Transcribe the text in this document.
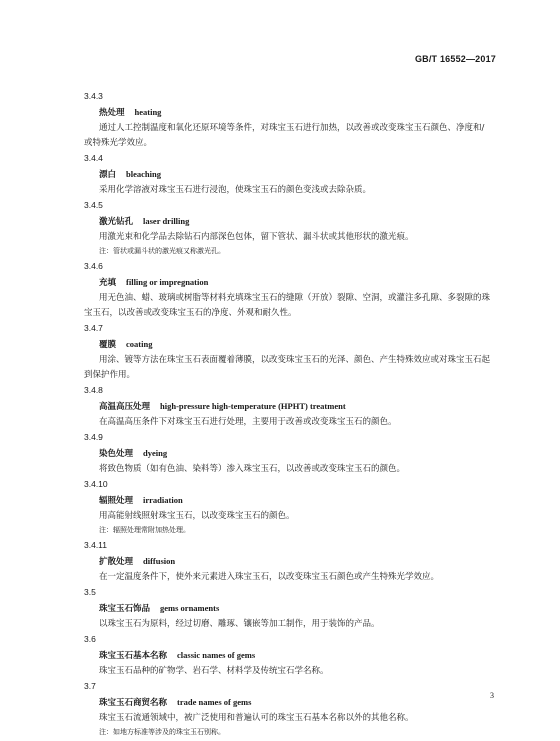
GB/T 16552—2017
3.4.3
热处理 heating
通过人工控制温度和氧化还原环境等条件，对珠宝玉石进行加热，以改善或改变珠宝玉石颜色、净度和/或特殊光学效应。
3.4.4
漂白 bleaching
采用化学溶液对珠宝玉石进行浸泡，使珠宝玉石的颜色变浅或去除杂质。
3.4.5
激光钻孔 laser drilling
用激光束和化学品去除钻石内部深色包体，留下管状、漏斗状或其他形状的激光痕。
注：管状或漏斗状的激光痕又称激光孔。
3.4.6
充填 filling or impregnation
用无色油、蜡、玻璃或树脂等材料充填珠宝玉石的缝隙（开放）裂隙、空洞，或灌注多孔隙、多裂隙的珠宝玉石，以改善或改变珠宝玉石的净度、外观和耐久性。
3.4.7
覆膜 coating
用涂、镀等方法在珠宝玉石表面覆着薄膜，以改变珠宝玉石的光泽、颜色、产生特殊效应或对珠宝玉石起到保护作用。
3.4.8
高温高压处理 high-pressure high-temperature (HPHT) treatment
在高温高压条件下对珠宝玉石进行处理，主要用于改善或改变珠宝玉石的颜色。
3.4.9
染色处理 dyeing
将致色物质（如有色油、染料等）渗入珠宝玉石，以改善或改变珠宝玉石的颜色。
3.4.10
辐照处理 irradiation
用高能射线照射珠宝玉石，以改变珠宝玉石的颜色。
注：辐照处理常附加热处理。
3.4.11
扩散处理 diffusion
在一定温度条件下，使外来元素进入珠宝玉石，以改变珠宝玉石颜色或产生特殊光学效应。
3.5
珠宝玉石饰品 gems ornaments
以珠宝玉石为原料，经过切磨、雕琢、镶嵌等加工制作，用于装饰的产品。
3.6
珠宝玉石基本名称 classic names of gems
珠宝玉石品种的矿物学、岩石学、材料学及传统宝石学名称。
3.7
珠宝玉石商贸名称 trade names of gems
珠宝玉石流通领域中，被广泛使用和普遍认可的珠宝玉石基本名称以外的其他名称。
注：如地方标准等涉及的珠宝玉石别称。
3
